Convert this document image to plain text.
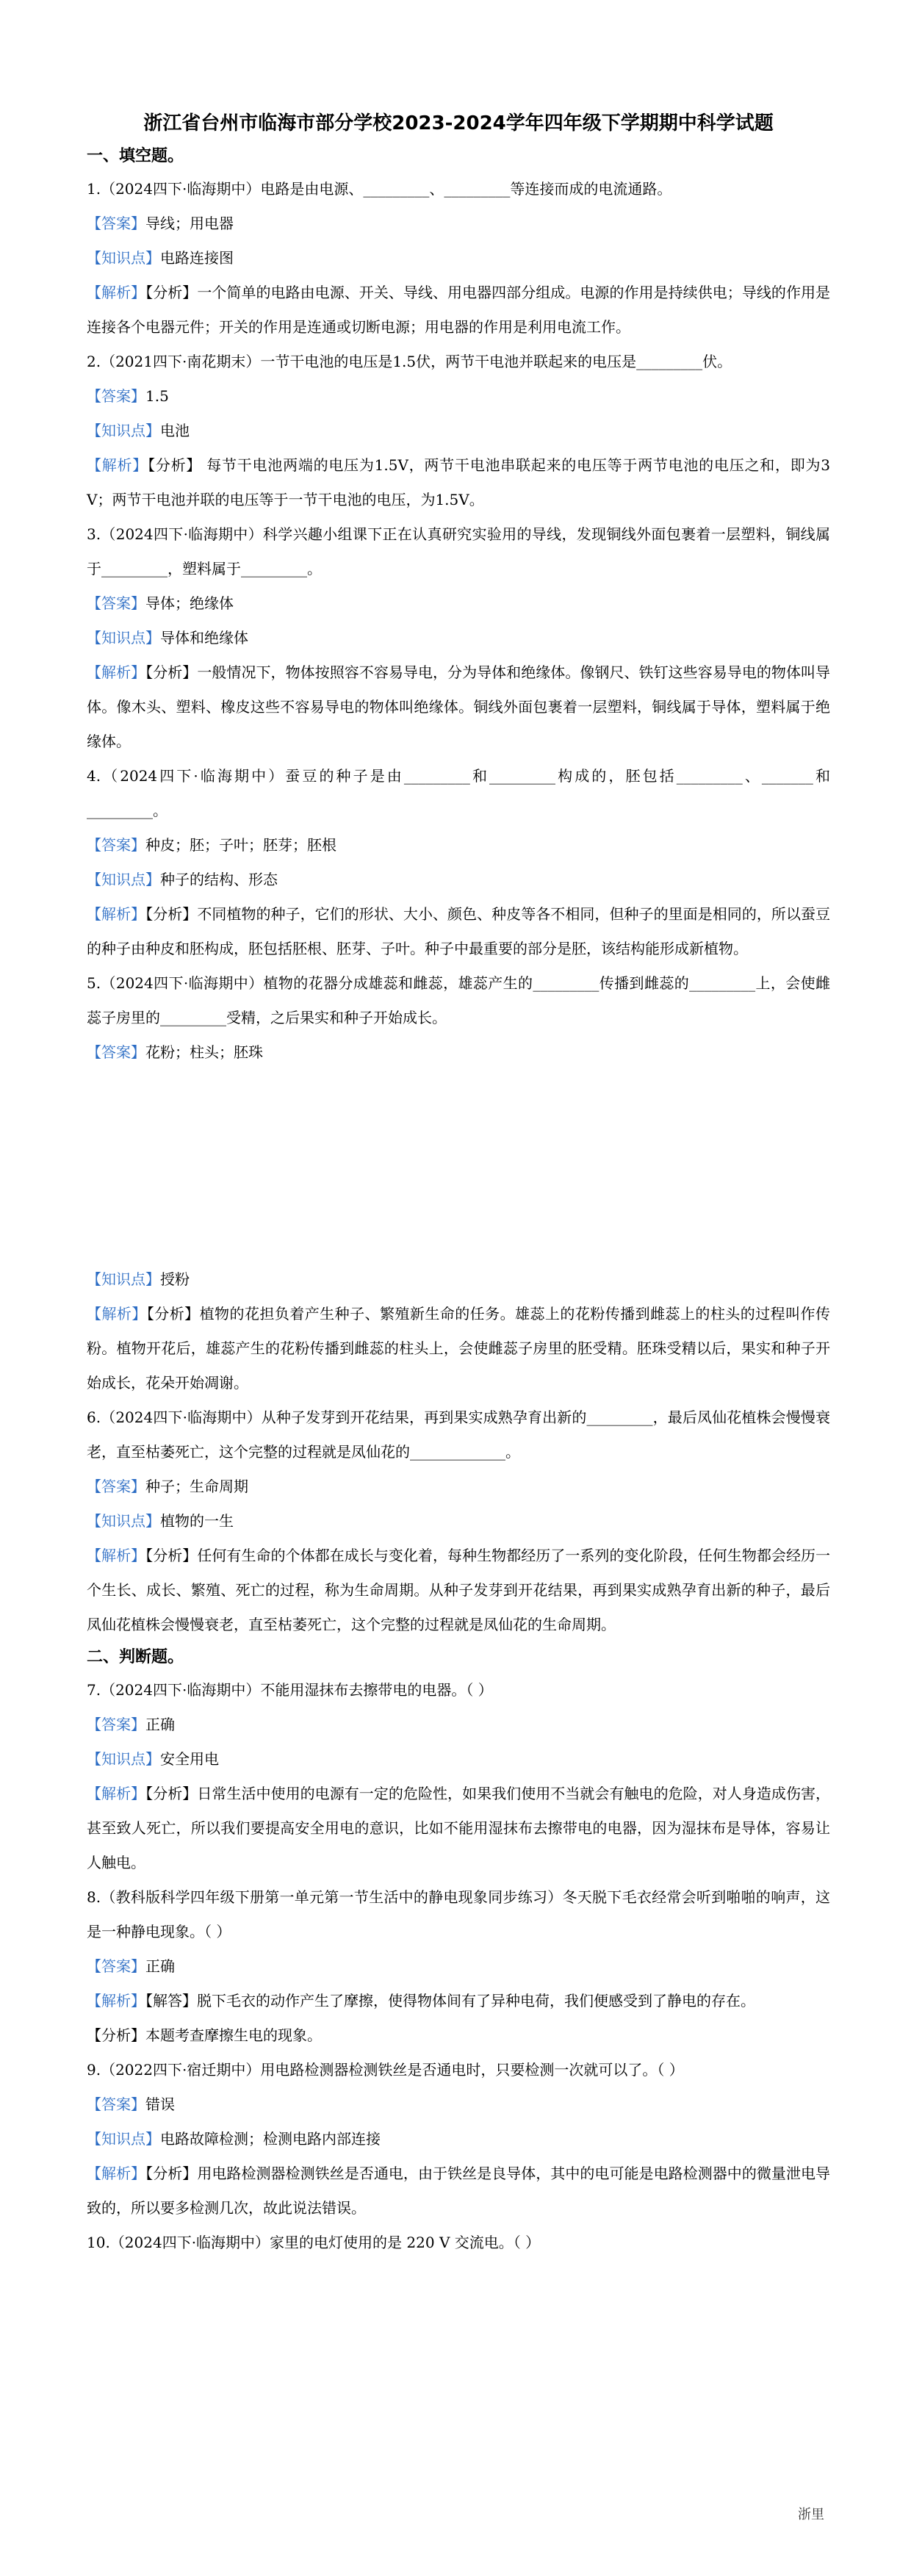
浙江省台州市临海市部分学校2023-2024学年四年级下学期期中科学试题

一、填空题。

1.（2024四下·临海期中）电路是由电源、_________、_________等连接而成的电流通路。

【答案】导线；用电器

【知识点】电路连接图

【解析】【分析】一个简单的电路由电源、开关、导线、用电器四部分组成。电源的作用是持续供电；导线的作用是连接各个电器元件；开关的作用是连通或切断电源；用电器的作用是利用电流工作。

2.（2021四下·南花期末）一节干电池的电压是1.5伏，两节干电池并联起来的电压是_________伏。

【答案】1.5

【知识点】电池

【解析】【分析】 每节干电池两端的电压为1.5V，两节干电池串联起来的电压等于两节电池的电压之和，即为3 V；两节干电池并联的电压等于一节干电池的电压，为1.5V。

3.（2024四下·临海期中）科学兴趣小组课下正在认真研究实验用的导线，发现铜线外面包裹着一层塑料，铜线属于_________，塑料属于_________。

【答案】导体；绝缘体

【知识点】导体和绝缘体

【解析】【分析】一般情况下，物体按照容不容易导电，分为导体和绝缘体。像钢尺、铁钉这些容易导电的物体叫导体。像木头、塑料、橡皮这些不容易导电的物体叫绝缘体。铜线外面包裹着一层塑料，铜线属于导体，塑料属于绝缘体。

4.（2024四下·临海期中）蚕豆的种子是由_________和_________构成的，胚包括_________、_______和_________。

【答案】种皮；胚；子叶；胚芽；胚根

【知识点】种子的结构、形态

【解析】【分析】不同植物的种子，它们的形状、大小、颜色、种皮等各不相同，但种子的里面是相同的，所以蚕豆的种子由种皮和胚构成，胚包括胚根、胚芽、子叶。种子中最重要的部分是胚，该结构能形成新植物。

5.（2024四下·临海期中）植物的花器分成雄蕊和雌蕊，雄蕊产生的_________传播到雌蕊的_________上，会使雌蕊子房里的_________受精，之后果实和种子开始成长。

【答案】花粉；柱头；胚珠

【知识点】授粉

【解析】【分析】植物的花担负着产生种子、繁殖新生命的任务。雄蕊上的花粉传播到雌蕊上的柱头的过程叫作传粉。植物开花后，雄蕊产生的花粉传播到雌蕊的柱头上，会使雌蕊子房里的胚受精。胚珠受精以后，果实和种子开始成长，花朵开始凋谢。

6.（2024四下·临海期中）从种子发芽到开花结果，再到果实成熟孕育出新的_________，最后凤仙花植株会慢慢衰老，直至枯萎死亡，这个完整的过程就是凤仙花的_____________。

【答案】种子；生命周期

【知识点】植物的一生

【解析】【分析】任何有生命的个体都在成长与变化着，每种生物都经历了一系列的变化阶段，任何生物都会经历一个生长、成长、繁殖、死亡的过程，称为生命周期。从种子发芽到开花结果，再到果实成熟孕育出新的种子，最后凤仙花植株会慢慢衰老，直至枯萎死亡，这个完整的过程就是凤仙花的生命周期。

二、判断题。

7.（2024四下·临海期中）不能用湿抹布去擦带电的电器。（ ）

【答案】正确

【知识点】安全用电

【解析】【分析】日常生活中使用的电源有一定的危险性，如果我们使用不当就会有触电的危险，对人身造成伤害，甚至致人死亡，所以我们要提高安全用电的意识，比如不能用湿抹布去擦带电的电器，因为湿抹布是导体，容易让人触电。

8.（教科版科学四年级下册第一单元第一节生活中的静电现象同步练习）冬天脱下毛衣经常会听到啪啪的响声，这是一种静电现象。（ ）

【答案】正确

【解析】【解答】脱下毛衣的动作产生了摩擦，使得物体间有了异种电荷，我们便感受到了静电的存在。

【分析】本题考查摩擦生电的现象。

9.（2022四下·宿迁期中）用电路检测器检测铁丝是否通电时，只要检测一次就可以了。（ ）

【答案】错误

【知识点】电路故障检测；检测电路内部连接

【解析】【分析】用电路检测器检测铁丝是否通电，由于铁丝是良导体，其中的电可能是电路检测器中的微量泄电导致的，所以要多检测几次，故此说法错误。

10.（2024四下·临海期中）家里的电灯使用的是 220 V 交流电。（ ）

浙里
